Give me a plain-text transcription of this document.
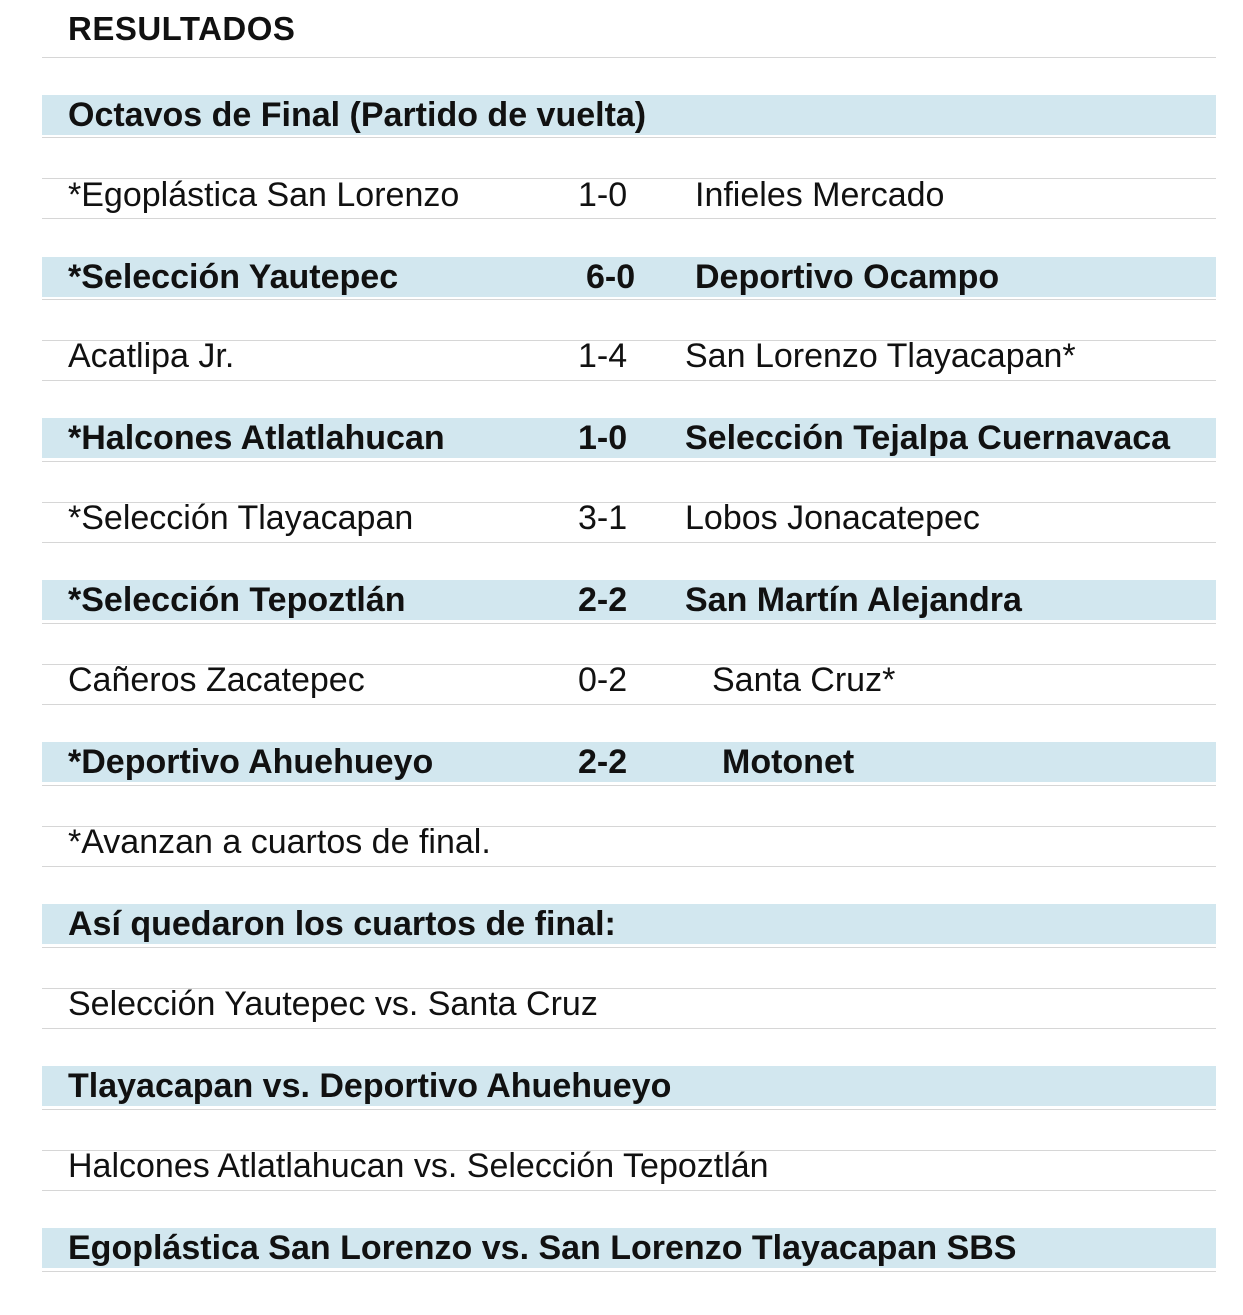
RESULTADOS
Octavos de Final (Partido de vuelta)
*Egoplástica San Lorenzo	1-0 Infieles Mercado
*Selección Yautepec	6-0 Deportivo Ocampo
Acatlipa Jr.	1-4 San Lorenzo Tlayacapan*
*Halcones Atlatlahucan	1-0 Selección Tejalpa Cuernavaca
*Selección Tlayacapan	3-1 Lobos Jonacatepec
*Selección Tepoztlán	2-2 San Martín Alejandra
Cañeros Zacatepec	0-2 Santa Cruz*
*Deportivo Ahuehueyo	2-2	Motonet
*Avanzan a cuartos de final.
Así quedaron los cuartos de final:
Selección Yautepec vs. Santa Cruz
Tlayacapan vs. Deportivo Ahuehueyo
Halcones Atlatlahucan vs. Selección Tepoztlán
Egoplástica San Lorenzo vs. San Lorenzo Tlayacapan SBS
